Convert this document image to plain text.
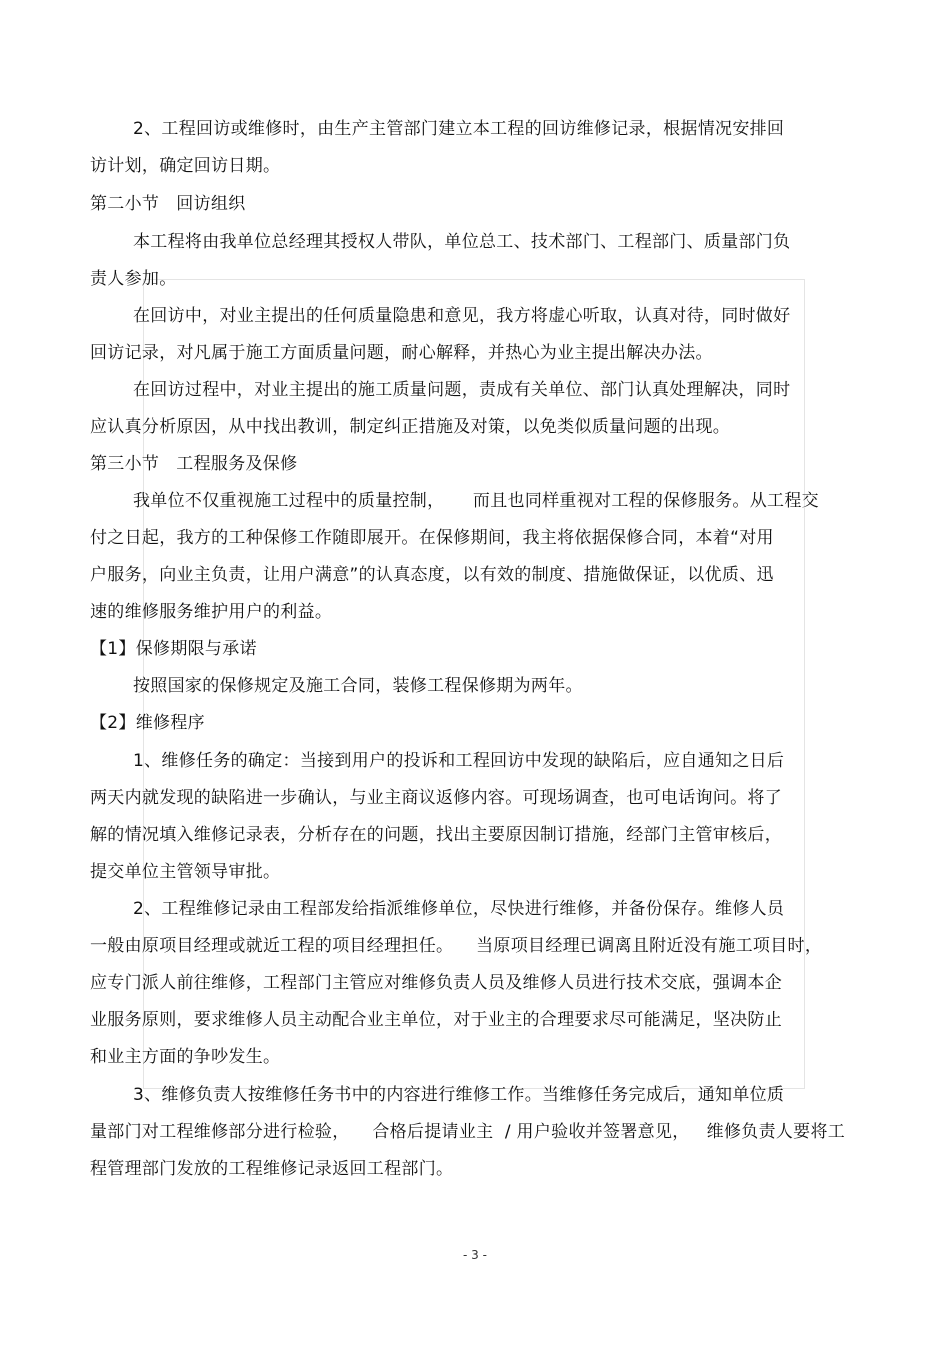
2、工程回访或维修时，由生产主管部门建立本工程的回访维修记录，根据情况安排回
访计划，确定回访日期。
第二小节   回访组织
本工程将由我单位总经理其授权人带队，单位总工、技术部门、工程部门、质量部门负
责人参加。
在回访中，对业主提出的任何质量隐患和意见，我方将虚心听取，认真对待，同时做好
回访记录，对凡属于施工方面质量问题，耐心解释，并热心为业主提出解决办法。
在回访过程中，对业主提出的施工质量问题，责成有关单位、部门认真处理解决，同时
应认真分析原因，从中找出教训，制定纠正措施及对策，以免类似质量问题的出现。
第三小节   工程服务及保修
我单位不仅重视施工过程中的质量控制，     而且也同样重视对工程的保修服务。从工程交
付之日起，我方的工种保修工作随即展开。在保修期间，我主将依据保修合同，本着“对用
户服务，向业主负责，让用户满意”的认真态度，以有效的制度、措施做保证，以优质、迅
速的维修服务维护用户的利益。
【1】保修期限与承诺
按照国家的保修规定及施工合同，装修工程保修期为两年。
【2】维修程序
1、维修任务的确定：当接到用户的投诉和工程回访中发现的缺陷后，应自通知之日后
两天内就发现的缺陷进一步确认，与业主商议返修内容。可现场调查，也可电话询问。将了
解的情况填入维修记录表，分析存在的问题，找出主要原因制订措施，经部门主管审核后，
提交单位主管领导审批。
2、工程维修记录由工程部发给指派维修单位，尽快进行维修，并备份保存。维修人员
一般由原项目经理或就近工程的项目经理担任。    当原项目经理已调离且附近没有施工项目时，
应专门派人前往维修，工程部门主管应对维修负责人员及维修人员进行技术交底，强调本企
业服务原则，要求维修人员主动配合业主单位，对于业主的合理要求尽可能满足，坚决防止
和业主方面的争吵发生。
3、维修负责人按维修任务书中的内容进行维修工作。当维修任务完成后，通知单位质
量部门对工程维修部分进行检验，    合格后提请业主  / 用户验收并签署意见，   维修负责人要将工
程管理部门发放的工程维修记录返回工程部门。
- 3 -
